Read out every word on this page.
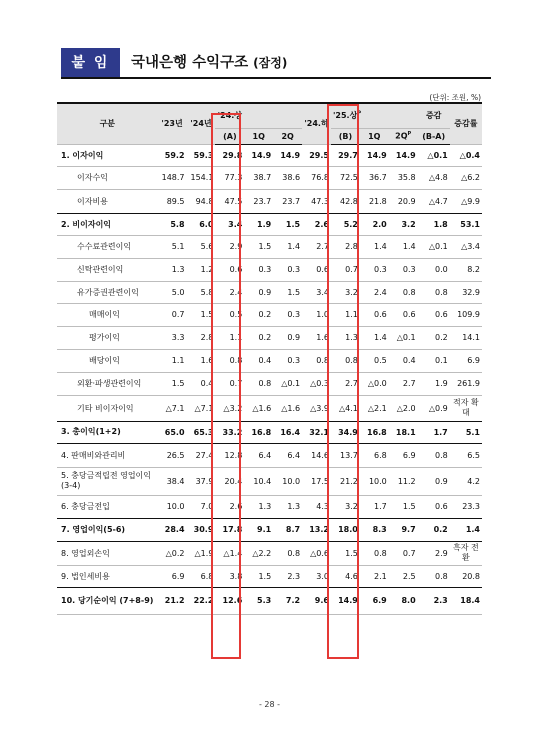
붙 임	국내은행 수익구조 (잠정)
(단위: 조원, %)
구분	'23년	'24년	'24.상			'24.하	'25.상$^P$			증감	증감률
			(A)	1Q	2Q		(B)	1Q	$2Q^P$	(B-A)	
1. 이자이익	59.2	59.3	29.8	14.9	14.9	29.5	29.7	14.9	14.9	△0.1	△0.4
이자수익	148.7	154.1	77.3	38.7	38.6	76.8	72.5	36.7	35.8	△4.8	△6.2
이자비용	89.5	94.8	47.5	23.7	23.7	47.3	42.8	21.8	20.9	△4.7	△9.9
2. 비이자이익	5.8	6.0	3.4	1.9	1.5	2.6	5.2	2.0	3.2	1.8	53.1
수수료관련이익	5.1	5.6	2.9	1.5	1.4	2.7	2.8	1.4	1.4	△0.1	△3.4
신탁관련이익	1.3	1.2	0.6	0.3	0.3	0.6	0.7	0.3	0.3	0.0	8.2
유가증권관련이익	5.0	5.8	2.4	0.9	1.5	3.4	3.2	2.4	0.8	0.8	32.9
매매이익	0.7	1.5	0.5	0.2	0.3	1.0	1.1	0.6	0.6	0.6	109.9
평가이익	3.3	2.8	1.1	0.2	0.9	1.6	1.3	1.4	△0.1	0.2	14.1
배당이익	1.1	1.6	0.8	0.4	0.3	0.8	0.8	0.5	0.4	0.1	6.9
외환·파생관련이익	1.5	0.4	0.7	0.8	△0.1	△0.3	2.7	△0.0	2.7	1.9	261.9
기타 비이자이익	△7.1	△7.1	△3.2	△1.6	△1.6	△3.9	△4.1	△2.1	△2.0	△0.9	적자 확대
3. 총이익(1+2)	65.0	65.3	33.2	16.8	16.4	32.1	34.9	16.8	18.1	1.7	5.1
4. 판매비와관리비	26.5	27.4	12.8	6.4	6.4	14.6	13.7	6.8	6.9	0.8	6.5
5. 충당금적립전 영업이익(3-4)	38.4	37.9	20.4	10.4	10.0	17.5	21.2	10.0	11.2	0.9	4.2
6. 충당금전입	10.0	7.0	2.6	1.3	1.3	4.3	3.2	1.7	1.5	0.6	23.3
7. 영업이익(5-6)	28.4	30.9	17.8	9.1	8.7	13.2	18.0	8.3	9.7	0.2	1.4
8. 영업외손익	△0.2	△1.9	△1.4	△2.2	0.8	△0.6	1.5	0.8	0.7	2.9	흑자 전환
9. 법인세비용	6.9	6.8	3.8	1.5	2.3	3.0	4.6	2.1	2.5	0.8	20.8
10. 당기순이익 (7+8-9)	21.2	22.2	12.6	5.3	7.2	9.6	14.9	6.9	8.0	2.3	18.4
- 28 -
